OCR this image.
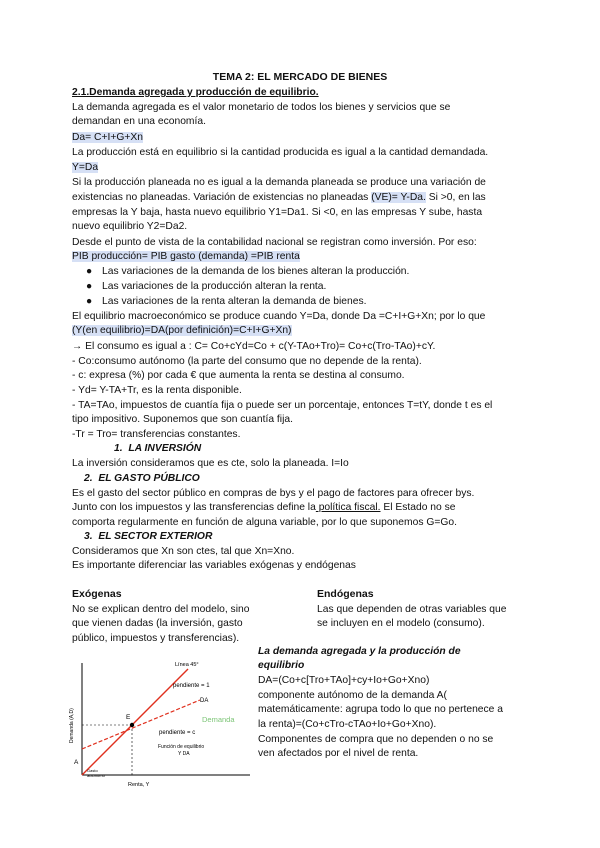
TEMA 2: EL MERCADO DE BIENES
2.1.Demanda agregada y producción de equilibrio.
La demanda agregada es el valor monetario de todos los bienes y servicios que se
demandan en una economía.
Da= C+I+G+Xn
La producción está en equilibrio si la cantidad producida es igual a la cantidad demandada.
Y=Da
Si la producción planeada no es igual a la demanda planeada se produce una variación de
existencias no planeadas. Variación de existencias no planeadas (VE)= Y-Da. Si >0, en las
empresas la Y baja, hasta nuevo equilibrio Y1=Da1. Si <0, en las empresas Y sube, hasta
nuevo equilibrio Y2=Da2.
Desde el punto de vista de la contabilidad nacional se registran como inversión. Por eso:
PIB producción= PIB gasto (demanda) =PIB renta
● Las variaciones de la demanda de los bienes alteran la producción.
● Las variaciones de la producción alteran la renta.
● Las variaciones de la renta alteran la demanda de bienes.
El equilibrio macroeconómico se produce cuando Y=Da, donde Da =C+I+G+Xn; por lo que
(Y(en equilibrio)=DA(por definición)=C+I+G+Xn)
→ El consumo es igual a : C= Co+cYd=Co + c(Y-TAo+Tro)= Co+c(Tro-TAo)+cY.
- Co:consumo autónomo (la parte del consumo que no depende de la renta).
- c: expresa (%) por cada € que aumenta la renta se destina al consumo.
- Yd= Y-TA+Tr, es la renta disponible.
- TA=TAo, impuestos de cuantía fija o puede ser un porcentaje, entonces T=tY, donde t es el
tipo impositivo. Suponemos que son cuantía fija.
-Tr = Tro= transferencias constantes.
1. LA INVERSIÓN
La inversión consideramos que es cte, solo la planeada. I=Io
2. EL GASTO PÚBLICO
Es el gasto del sector público en compras de bys y el pago de factores para ofrecer bys.
Junto con los impuestos y las transferencias define la política fiscal. El Estado no se
comporta regularmente en función de alguna variable, por lo que suponemos G=Go.
3. EL SECTOR EXTERIOR
Consideramos que Xn son ctes, tal que Xn=Xno.
Es importante diferenciar las variables exógenas y endógenas
Exógenas
No se explican dentro del modelo, sino
que vienen dadas (la inversión, gasto
público, impuestos y transferencias).
Endógenas
Las que dependen de otras variables que
se incluyen en el modelo (consumo).
La demanda agregada y la producción de
equilibrio
DA=(Co+c[Tro+TAo]+cy+Io+Go+Xno)
componente autónomo de la demanda A(
matemáticamente: agrupa todo lo que no pertenece a
la renta)=(Co+cTro-cTAo+Io+Go+Xno).
Componentes de compra que no dependen o no se
ven afectados por el nivel de renta.
Línea 45°
pendiente = 1
DA
Demanda
E
pendiente = c
Función de equilibrio
Y DA
A
Gasto
autónomo
Demanda (A,D)
Renta, Y
